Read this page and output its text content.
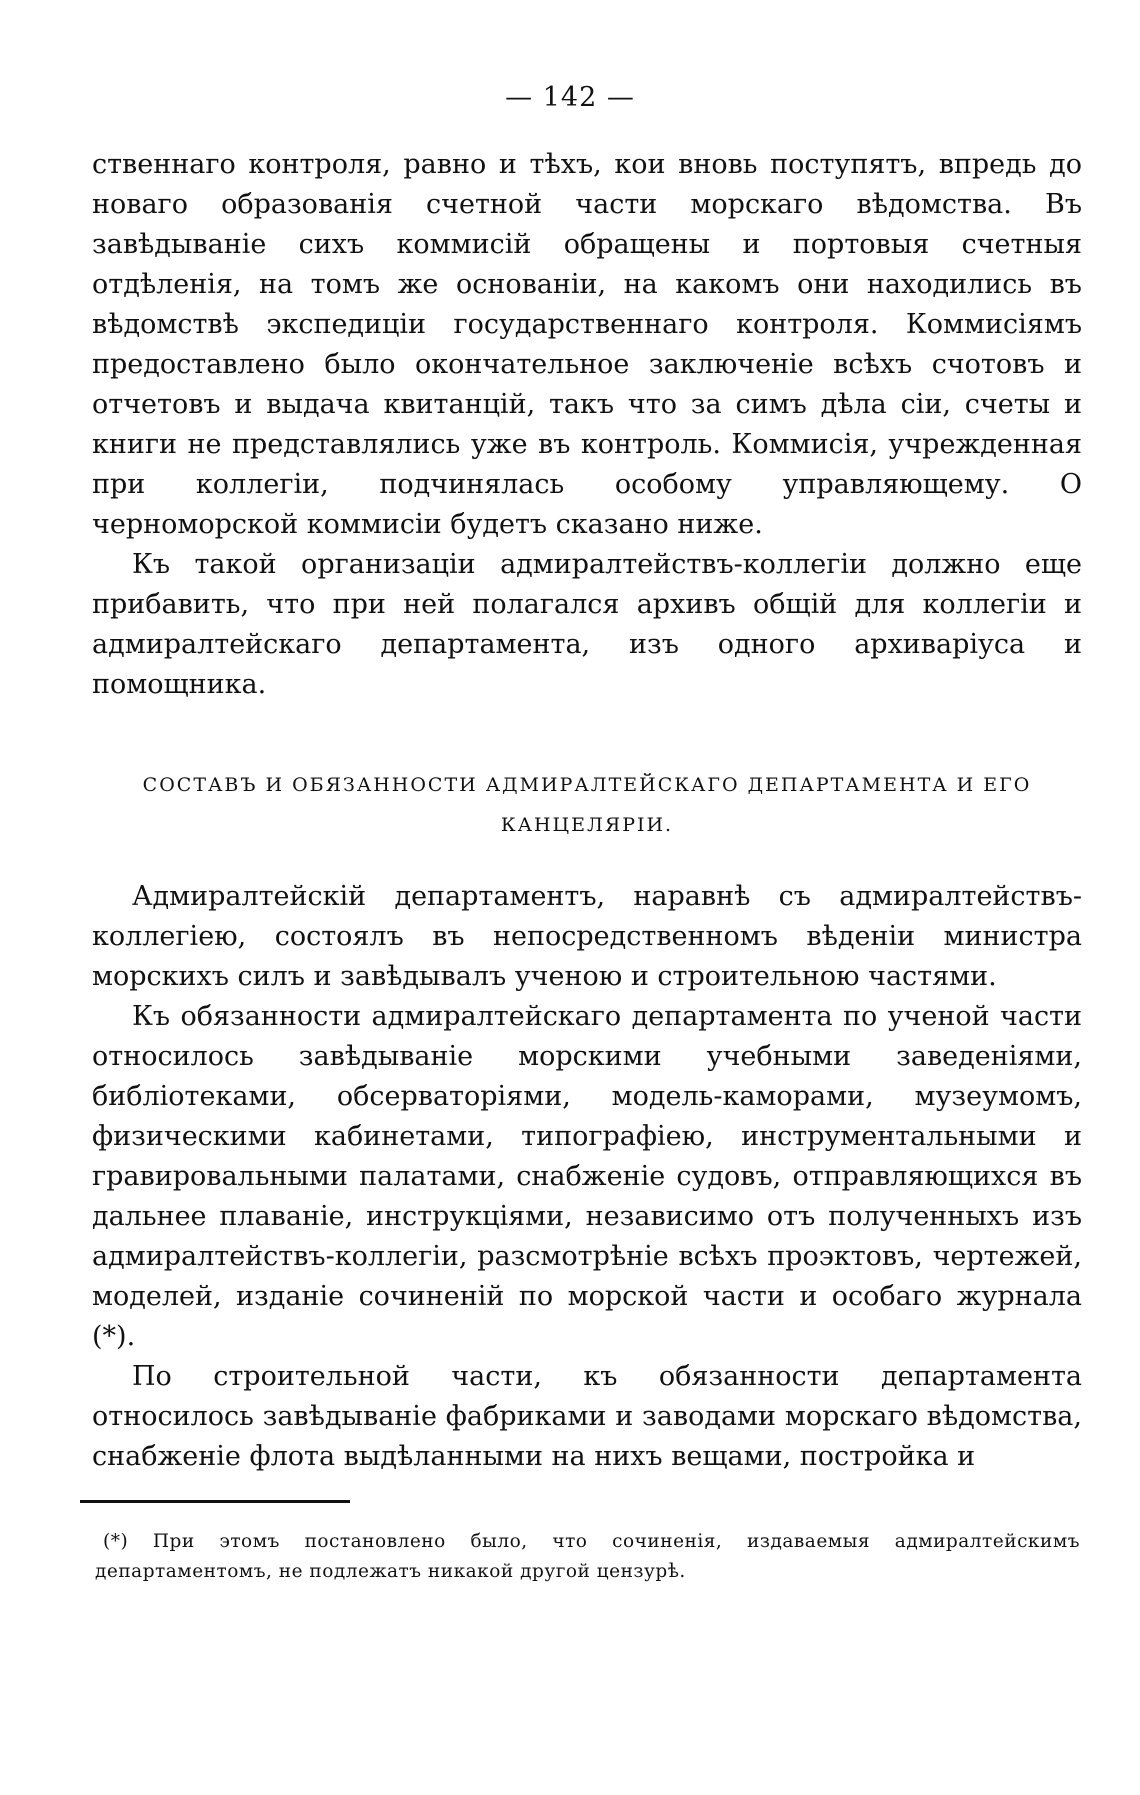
— 142 —

ственнаго контроля, равно и тѣхъ, кои вновь поступятъ, впредь до новаго образованія счетной части морскаго вѣдомства. Въ завѣдываніе сихъ коммисій обращены и портовыя счетныя отдѣленія, на томъ же основаніи, на какомъ они находились въ вѣдомствѣ экспедиціи государственнаго контроля. Коммисіямъ предоставлено было окончательное заключеніе всѣхъ счотовъ и отчетовъ и выдача квитанцій, такъ что за симъ дѣла сіи, счеты и книги не представлялись уже въ контроль. Коммисія, учрежденная при коллегіи, подчинялась особому управляющему. О черноморской коммисіи будетъ сказано ниже.

Къ такой организаціи адмиралтействъ-коллегіи должно еще прибавить, что при ней полагался архивъ общій для коллегіи и адмиралтейскаго департамента, изъ одного архиваріуса и помощника.

СОСТАВЪ И ОБЯЗАННОСТИ АДМИРАЛТЕЙСКАГО ДЕПАРТАМЕНТА И ЕГО
КАНЦЕЛЯРІИ.

Адмиралтейскій департаментъ, наравнѣ съ адмиралтействъ-коллегіею, состоялъ въ непосредственномъ вѣденіи министра морскихъ силъ и завѣдывалъ ученою и строительною частями.

Къ обязанности адмиралтейскаго департамента по ученой части относилось завѣдываніе морскими учебными заведеніями, библіотеками, обсерваторіями, модель-каморами, музеумомъ, физическими кабинетами, типографіею, инструментальными и гравировальными палатами, снабженіе судовъ, отправляющихся въ дальнее плаваніе, инструкціями, независимо отъ полученныхъ изъ адмиралтействъ-коллегіи, разсмотрѣніе всѣхъ проэктовъ, чертежей, моделей, изданіе сочиненій по морской части и особаго журнала (*).

По строительной части, къ обязанности департамента относилось завѣдываніе фабриками и заводами морскаго вѣдомства, снабженіе флота выдѣланными на нихъ вещами, постройка и

(*) При этомъ постановлено было, что сочиненія, издаваемыя адмиралтейскимъ департаментомъ, не подлежатъ никакой другой цензурѣ.
